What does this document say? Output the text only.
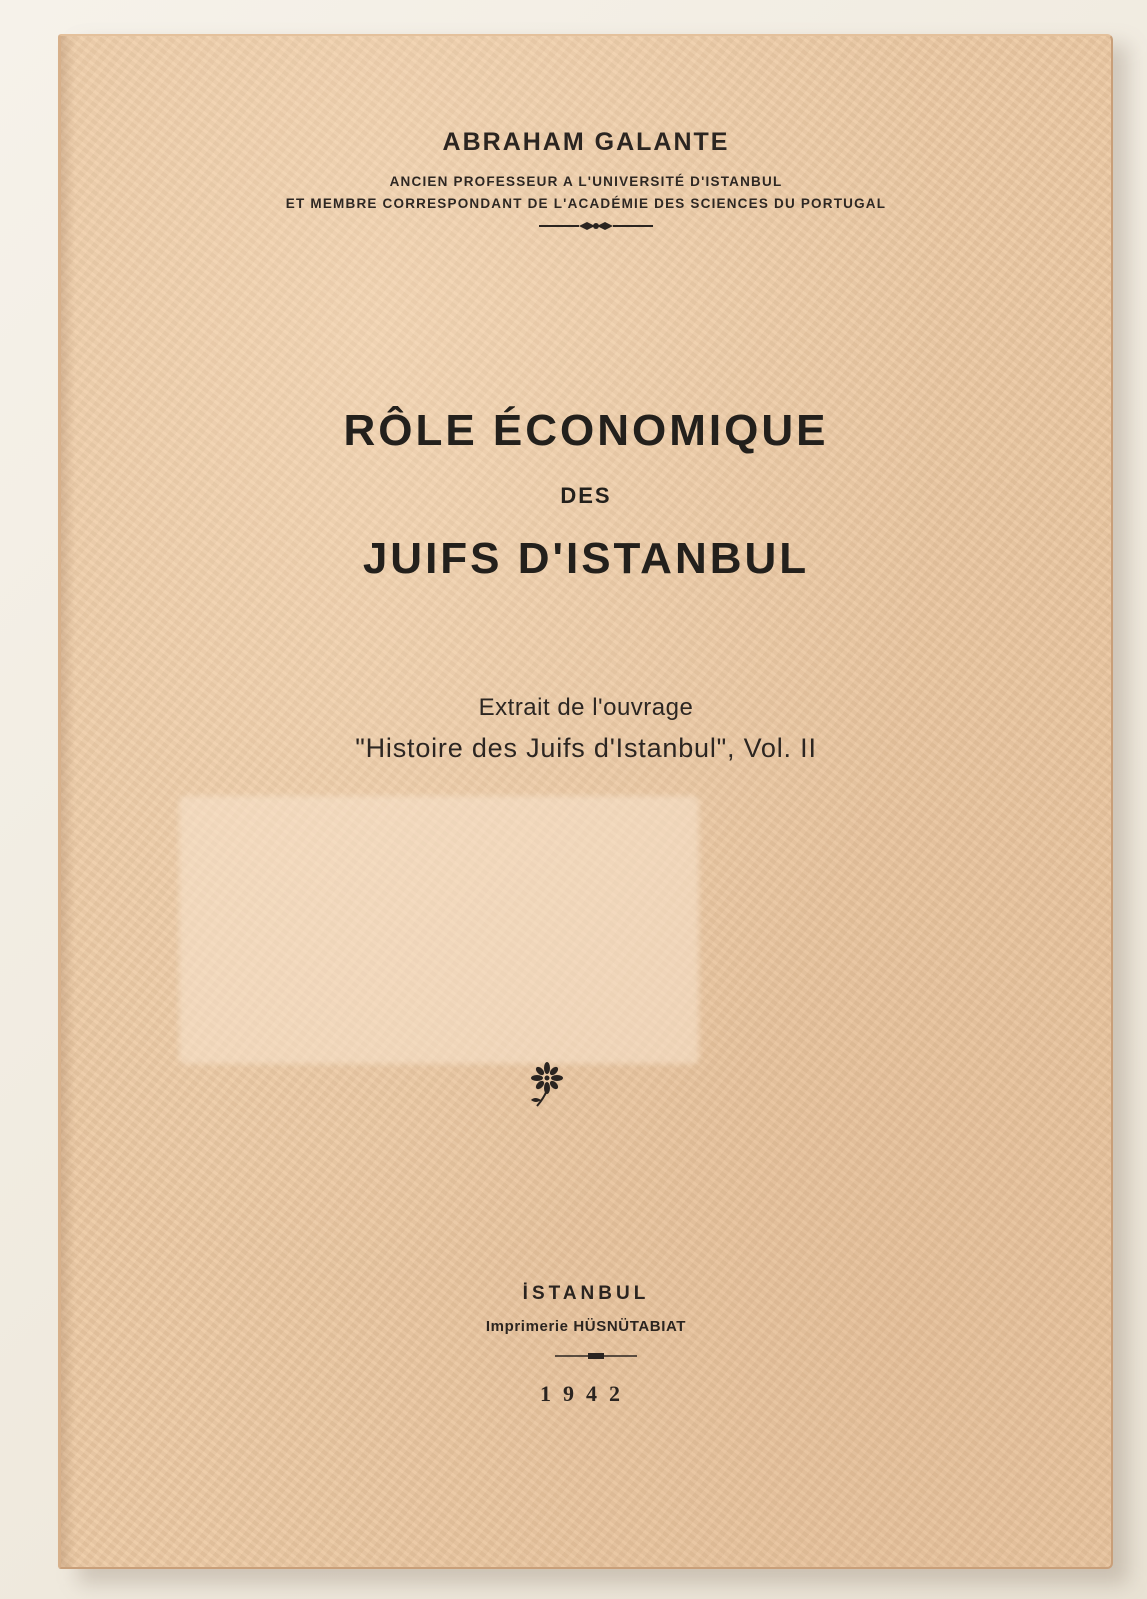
ABRAHAM GALANTE
ANCIEN PROFESSEUR A L'UNIVERSITÉ D'ISTANBUL
ET MEMBRE CORRESPONDANT DE L'ACADÉMIE DES SCIENCES DU PORTUGAL
RÔLE ÉCONOMIQUE
DES
JUIFS D'ISTANBUL
Extrait de l'ouvrage
"Histoire des Juifs d'Istanbul", Vol. II
İSTANBUL
Imprimerie HÜSNÜTABIAT
1942
